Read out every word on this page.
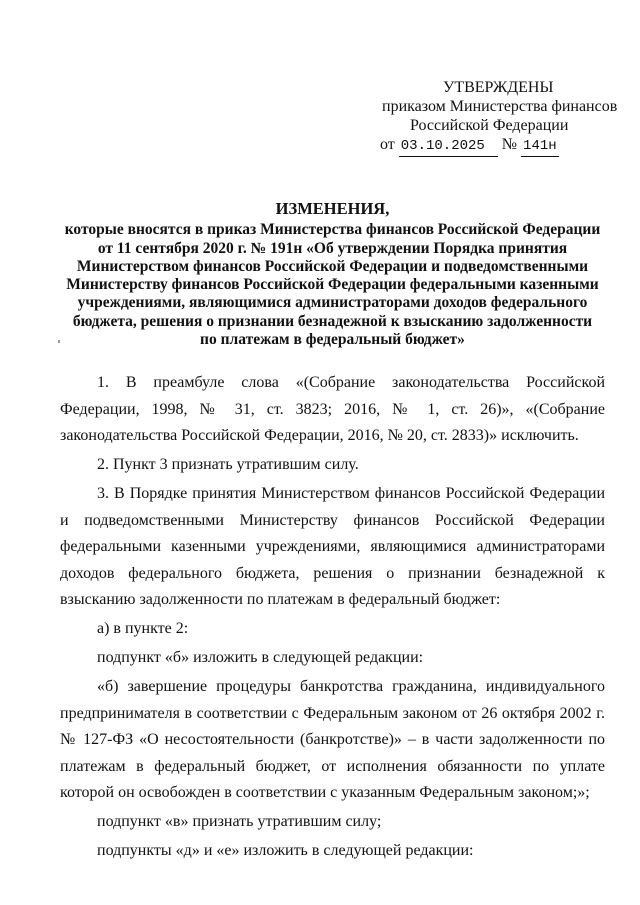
УТВЕРЖДЕНЫ
приказом Министерства финансов
Российской Федерации
от 03.10.2025 № 141н
ИЗМЕНЕНИЯ,
которые вносятся в приказ Министерства финансов Российской Федерации
от 11 сентября 2020 г. № 191н «Об утверждении Порядка принятия
Министерством финансов Российской Федерации и подведомственными
Министерству финансов Российской Федерации федеральными казенными
учреждениями, являющимися администраторами доходов федерального
бюджета, решения о признании безнадежной к взысканию задолженности
по платежам в федеральный бюджет»

1. В преамбуле слова «(Собрание законодательства Российской Федерации, 1998, № 31, ст. 3823; 2016, № 1, ст. 26)», «(Собрание законодательства Российской Федерации, 2016, № 20, ст. 2833)» исключить.

2. Пункт 3 признать утратившим силу.

3. В Порядке принятия Министерством финансов Российской Федерации и подведомственными Министерству финансов Российской Федерации федеральными казенными учреждениями, являющимися администраторами доходов федерального бюджета, решения о признании безнадежной к взысканию задолженности по платежам в федеральный бюджет:

а) в пункте 2:

подпункт «б» изложить в следующей редакции:

«б) завершение процедуры банкротства гражданина, индивидуального предпринимателя в соответствии с Федеральным законом от 26 октября 2002 г. № 127-ФЗ «О несостоятельности (банкротстве)» – в части задолженности по платежам в федеральный бюджет, от исполнения обязанности по уплате которой он освобожден в соответствии с указанным Федеральным законом;»;

подпункт «в» признать утратившим силу;

подпункты «д» и «е» изложить в следующей редакции:
